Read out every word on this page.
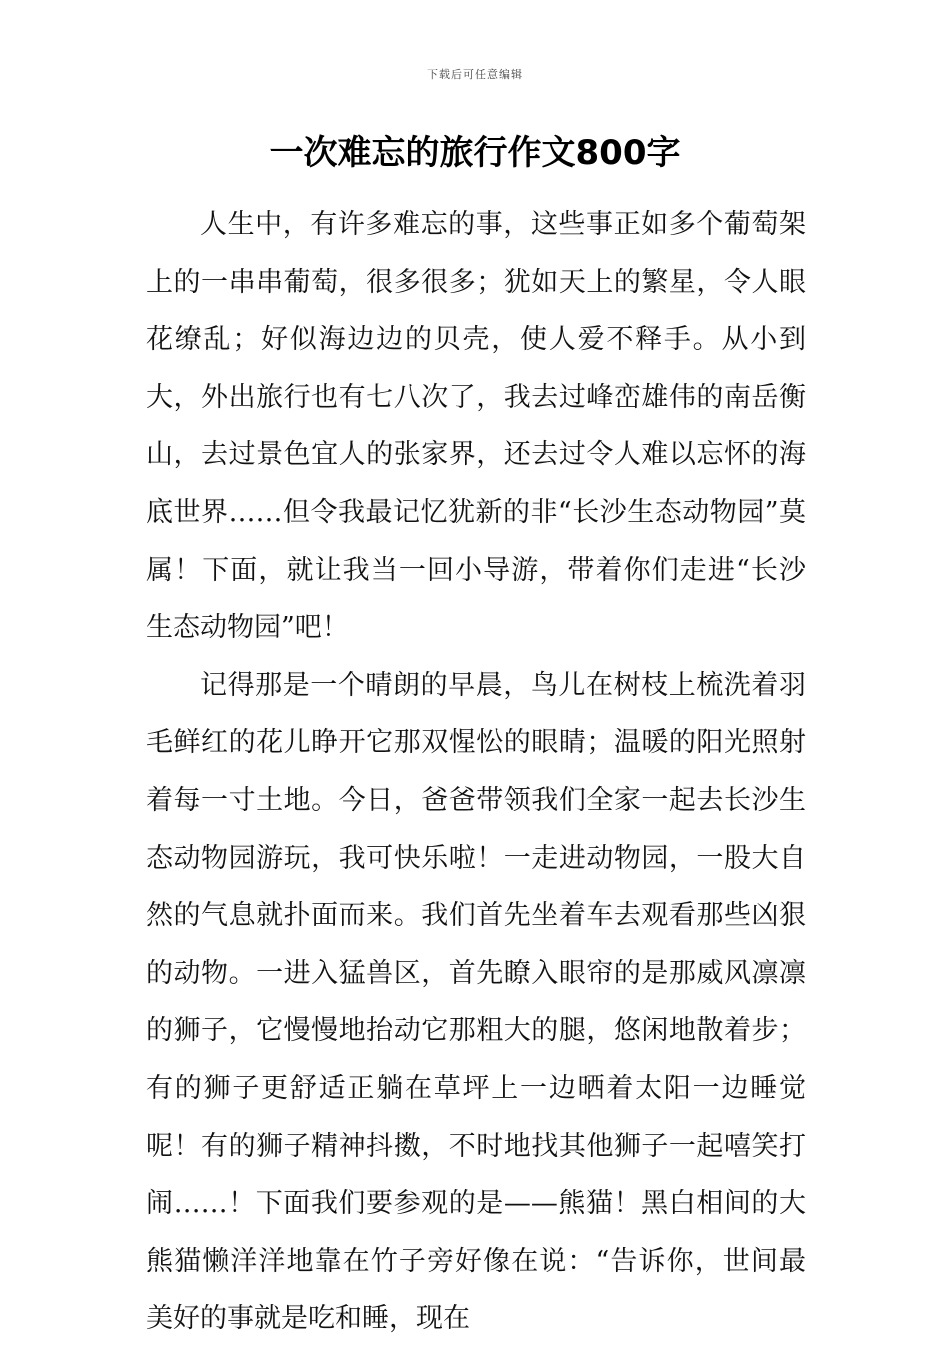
下载后可任意编辑
一次难忘的旅行作文800字

人生中，有许多难忘的事，这些事正如多个葡萄架上的一串串葡萄，很多很多；犹如天上的繁星，令人眼花缭乱；好似海边边的贝壳，使人爱不释手。从小到大，外出旅行也有七八次了，我去过峰峦雄伟的南岳衡山，去过景色宜人的张家界，还去过令人难以忘怀的海底世界……但令我最记忆犹新的非“长沙生态动物园”莫属！下面，就让我当一回小导游，带着你们走进“长沙生态动物园”吧！

记得那是一个晴朗的早晨，鸟儿在树枝上梳洗着羽毛鲜红的花儿睁开它那双惺忪的眼睛；温暖的阳光照射着每一寸土地。今日，爸爸带领我们全家一起去长沙生态动物园游玩，我可快乐啦！一走进动物园，一股大自然的气息就扑面而来。我们首先坐着车去观看那些凶狠的动物。一进入猛兽区，首先瞭入眼帘的是那威风凛凛的狮子，它慢慢地抬动它那粗大的腿，悠闲地散着步；有的狮子更舒适正躺在草坪上一边晒着太阳一边睡觉呢！有的狮子精神抖擞，不时地找其他狮子一起嘻笑打闹……！下面我们要参观的是——熊猫！黑白相间的大熊猫懒洋洋地靠在竹子旁好像在说：“告诉你，世间最美好的事就是吃和睡，现在
